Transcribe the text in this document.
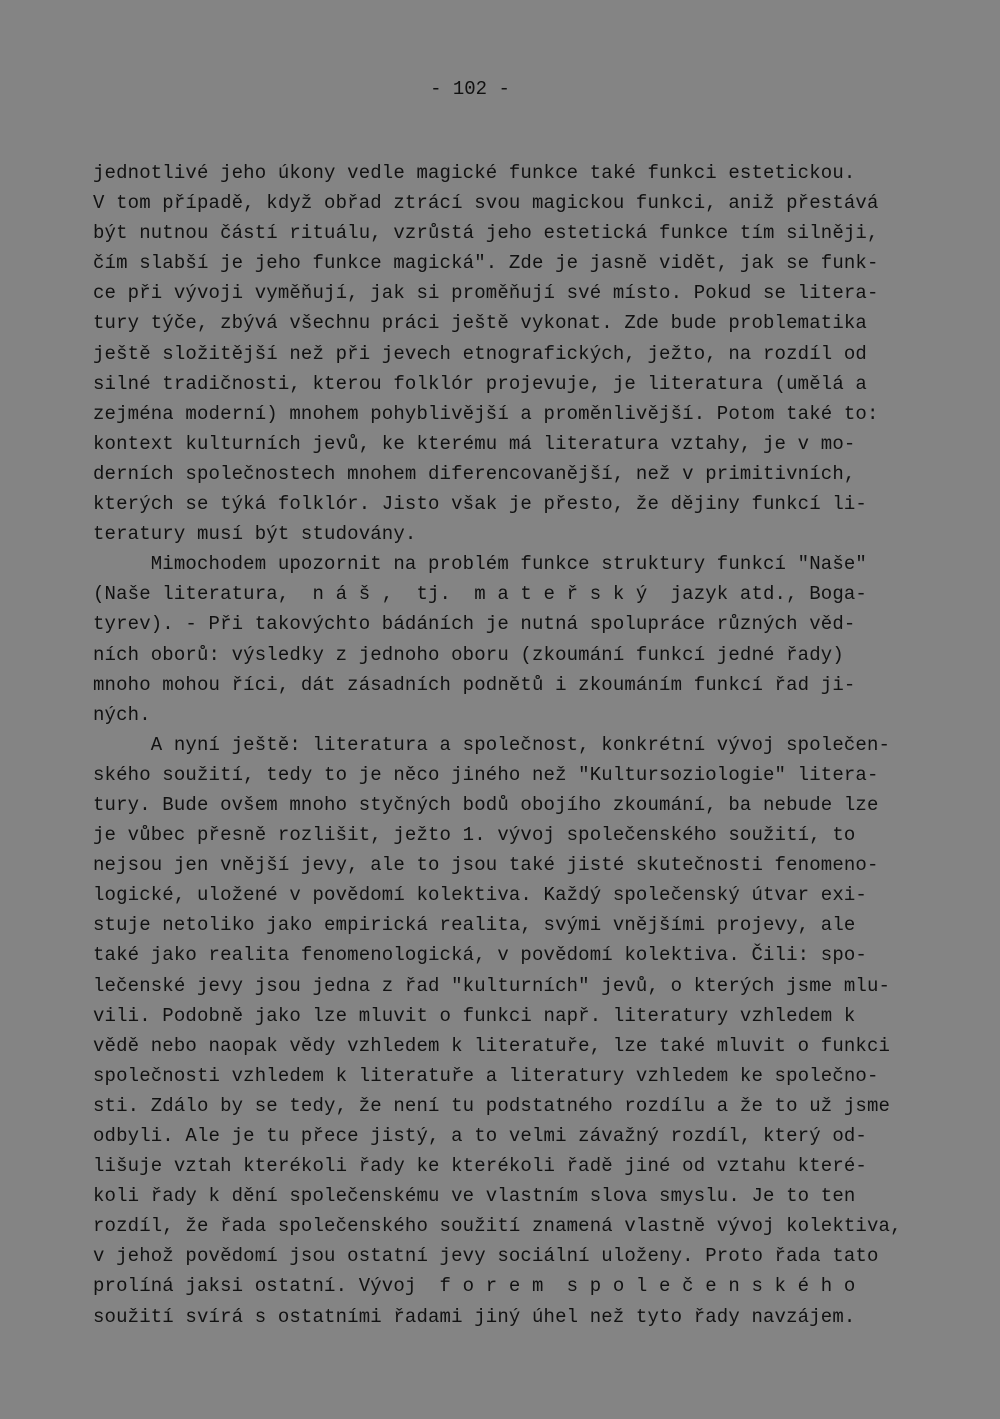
- 102 -
jednotlivé jeho úkony vedle magické funkce také funkci estetickou.
V tom případě, když obřad ztrácí svou magickou funkci, aniž přestává
být nutnou částí rituálu, vzrůstá jeho estetická funkce tím silněji,
čím slabší je jeho funkce magická". Zde je jasně vidět, jak se funk-
ce při vývoji vyměňují, jak si proměňují své místo. Pokud se litera-
tury týče, zbývá všechnu práci ještě vykonat. Zde bude problematika
ještě složitější než při jevech etnografických, ježto, na rozdíl od
silné tradičnosti, kterou folklór projevuje, je literatura (umělá a
zejména moderní) mnohem pohyblivější a proměnlivější. Potom také to:
kontext kulturních jevů, ke kterému má literatura vztahy, je v mo-
derních společnostech mnohem diferencovanější, než v primitivních,
kterých se týká folklór. Jisto však je přesto, že dějiny funkcí li-
teratury musí být studovány.
Mimochodem upozornit na problém funkce struktury funkcí "Naše"
(Naše literatura,  n á š ,  tj.  m a t e ř s k ý  jazyk atd., Boga-
tyrev). - Při takovýchto bádáních je nutná spolupráce různých věd-
ních oborů: výsledky z jednoho oboru (zkoumání funkcí jedné řady)
mnoho mohou říci, dát zásadních podnětů i zkoumáním funkcí řad ji-
ných.
A nyní ještě: literatura a společnost, konkrétní vývoj společen-
ského soužití, tedy to je něco jiného než "Kultursoziologie" litera-
tury. Bude ovšem mnoho styčných bodů obojího zkoumání, ba nebude lze
je vůbec přesně rozlišit, ježto 1. vývoj společenského soužití, to
nejsou jen vnější jevy, ale to jsou také jisté skutečnosti fenomeno-
logické, uložené v povědomí kolektiva. Každý společenský útvar exi-
stuje netoliko jako empirická realita, svými vnějšími projevy, ale
také jako realita fenomenologická, v povědomí kolektiva. Čili: spo-
lečenské jevy jsou jedna z řad "kulturních" jevů, o kterých jsme mlu-
vili. Podobně jako lze mluvit o funkci např. literatury vzhledem k
vědě nebo naopak vědy vzhledem k literatuře, lze také mluvit o funkci
společnosti vzhledem k literatuře a literatury vzhledem ke společno-
sti. Zdálo by se tedy, že není tu podstatného rozdílu a že to už jsme
odbyli. Ale je tu přece jistý, a to velmi závažný rozdíl, který od-
lišuje vztah kterékoli řady ke kterékoli řadě jiné od vztahu které-
koli řady k dění společenskému ve vlastním slova smyslu. Je to ten
rozdíl, že řada společenského soužití znamená vlastně vývoj kolektiva,
v jehož povědomí jsou ostatní jevy sociální uloženy. Proto řada tato
prolíná jaksi ostatní. Vývoj  f o r e m  s p o l e č e n s k é h o
soužití svírá s ostatními řadami jiný úhel než tyto řady navzájem.
